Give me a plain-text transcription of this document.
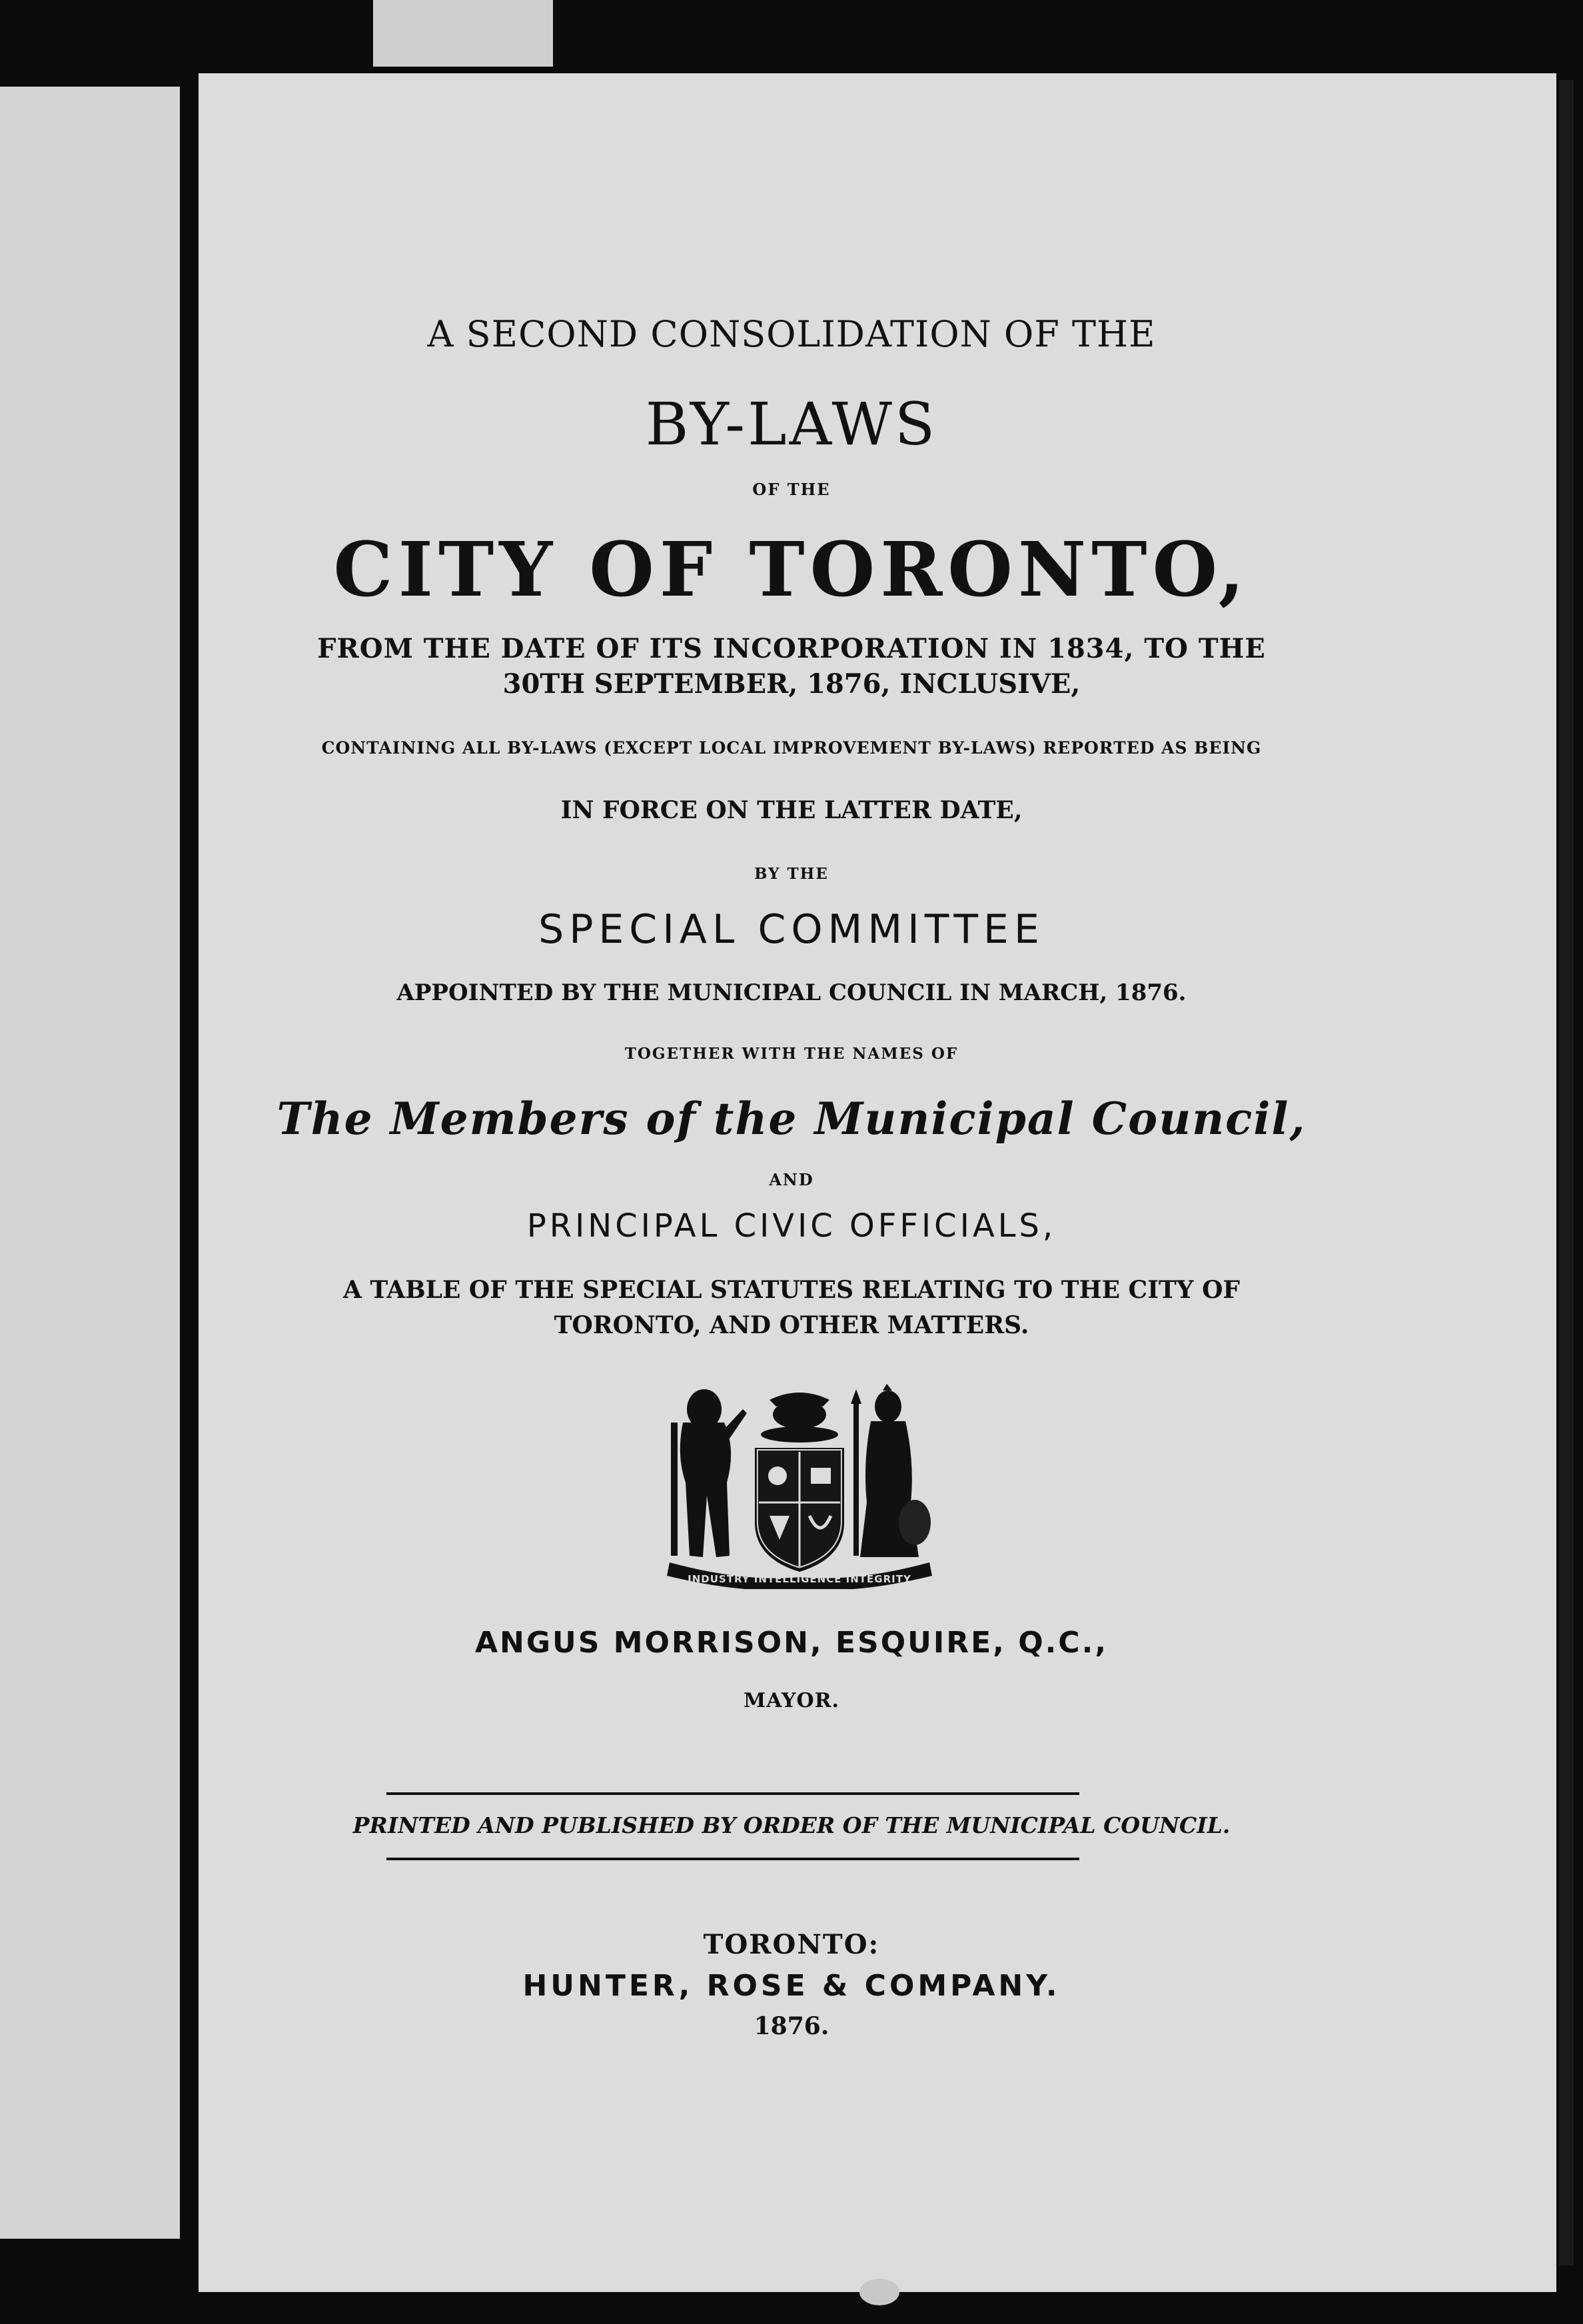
A SECOND CONSOLIDATION OF THE
BY-LAWS
OF THE
CITY OF TORONTO,
FROM THE DATE OF ITS INCORPORATION IN 1834, TO THE
30TH SEPTEMBER, 1876, INCLUSIVE,
CONTAINING ALL BY-LAWS (EXCEPT LOCAL IMPROVEMENT BY-LAWS) REPORTED AS BEING
IN FORCE ON THE LATTER DATE,
BY THE
SPECIAL COMMITTEE
APPOINTED BY THE MUNICIPAL COUNCIL IN MARCH, 1876.
TOGETHER WITH THE NAMES OF
The Members of the Municipal Council,
AND
PRINCIPAL CIVIC OFFICIALS,
A TABLE OF THE SPECIAL STATUTES RELATING TO THE CITY OF
TORONTO, AND OTHER MATTERS.
INDUSTRY INTELLIGENCE INTEGRITY
ANGUS MORRISON, ESQUIRE, Q.C.,
MAYOR.
PRINTED AND PUBLISHED BY ORDER OF THE MUNICIPAL COUNCIL.
TORONTO:
HUNTER, ROSE & COMPANY.
1876.
